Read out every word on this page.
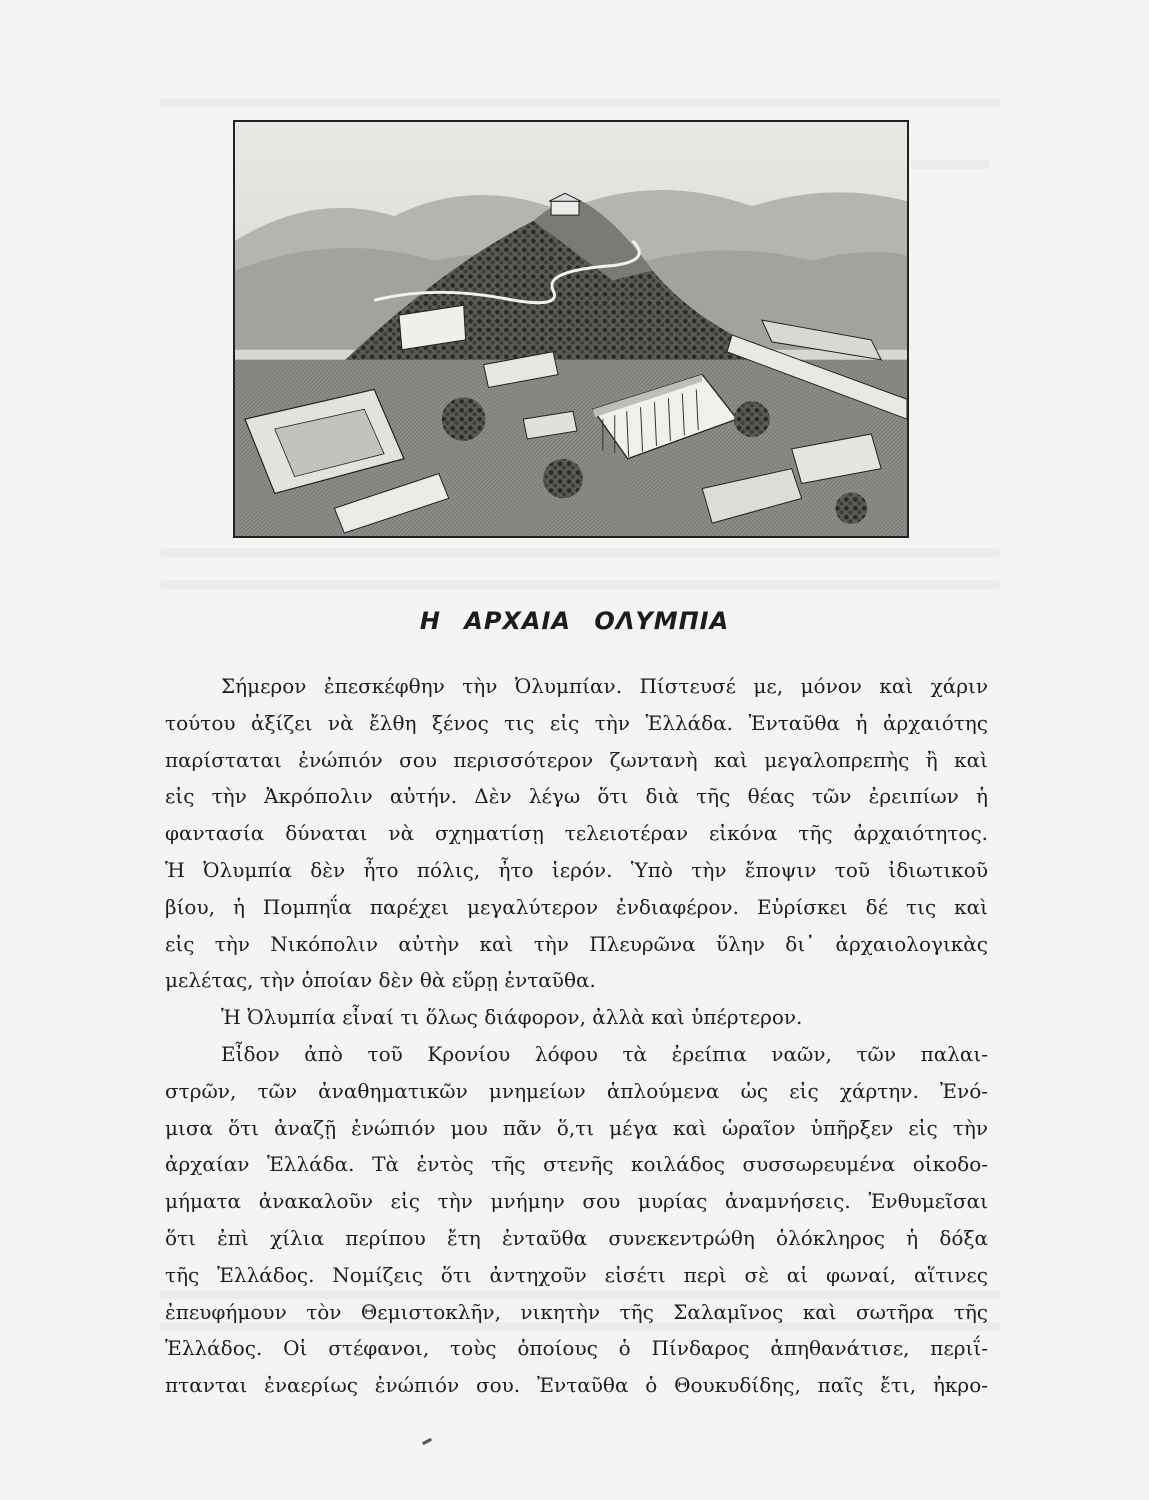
Η ΑΡΧΑΙΑ ΟΛΥΜΠΙΑ
Σήμερον ἐπεσκέφθην τὴν Ὀλυμπίαν. Πίστευσέ με, μόνον καὶ χάριν
τούτου ἀξίζει νὰ ἔλθη ξένος τις εἰς τὴν Ἑλλάδα. Ἐνταῦθα ἡ ἀρχαιότης
παρίσταται ἐνώπιόν σου περισσότερον ζωντανὴ καὶ μεγαλοπρεπὴς ἢ καὶ
εἰς τὴν Ἀκρόπολιν αὐτήν. Δὲν λέγω ὅτι διὰ τῆς θέας τῶν ἐρειπίων ἡ
φαντασία δύναται νὰ σχηματίσῃ τελειοτέραν εἰκόνα τῆς ἀρχαιότητος.
Ἡ Ὀλυμπία δὲν ἦτο πόλις, ἦτο ἱερόν. Ὑπὸ τὴν ἔποψιν τοῦ ἰδιωτικοῦ
βίου, ἡ Πομπηΐα παρέχει μεγαλύτερον ἐνδιαφέρον. Εὑρίσκει δέ τις καὶ
εἰς τὴν Νικόπολιν αὐτὴν καὶ τὴν Πλευρῶνα ὕλην δι᾽ ἀρχαιολογικὰς
μελέτας, τὴν ὁποίαν δὲν θὰ εὕρῃ ἐνταῦθα.
Ἡ Ὀλυμπία εἶναί τι ὅλως διάφορον, ἀλλὰ καὶ ὑπέρτερον.
Εἶδον ἀπὸ τοῦ Κρονίου λόφου τὰ ἐρείπια ναῶν, τῶν παλαι-
στρῶν, τῶν ἀναθηματικῶν μνημείων ἁπλούμενα ὡς εἰς χάρτην. Ἐνό-
μισα ὅτι ἀναζῇ ἐνώπιόν μου πᾶν ὅ,τι μέγα καὶ ὡραῖον ὑπῆρξεν εἰς τὴν
ἀρχαίαν Ἑλλάδα. Τὰ ἐντὸς τῆς στενῆς κοιλάδος συσσωρευμένα οἰκοδο-
μήματα ἀνακαλοῦν εἰς τὴν μνήμην σου μυρίας ἀναμνήσεις. Ἐνθυμεῖσαι
ὅτι ἐπὶ χίλια περίπου ἔτη ἐνταῦθα συνεκεντρώθη ὁλόκληρος ἡ δόξα
τῆς Ἑλλάδος. Νομίζεις ὅτι ἀντηχοῦν εἰσέτι περὶ σὲ αἱ φωναί, αἵτινες
ἐπευφήμουν τὸν Θεμιστοκλῆν, νικητὴν τῆς Σαλαμῖνος καὶ σωτῆρα τῆς
Ἑλλάδος. Οἱ στέφανοι, τοὺς ὁποίους ὁ Πίνδαρος ἀπηθανάτισε, περιΐ-
πτανται ἐναερίως ἐνώπιόν σου. Ἐνταῦθα ὁ Θουκυδίδης, παῖς ἔτι, ἠκρο-
